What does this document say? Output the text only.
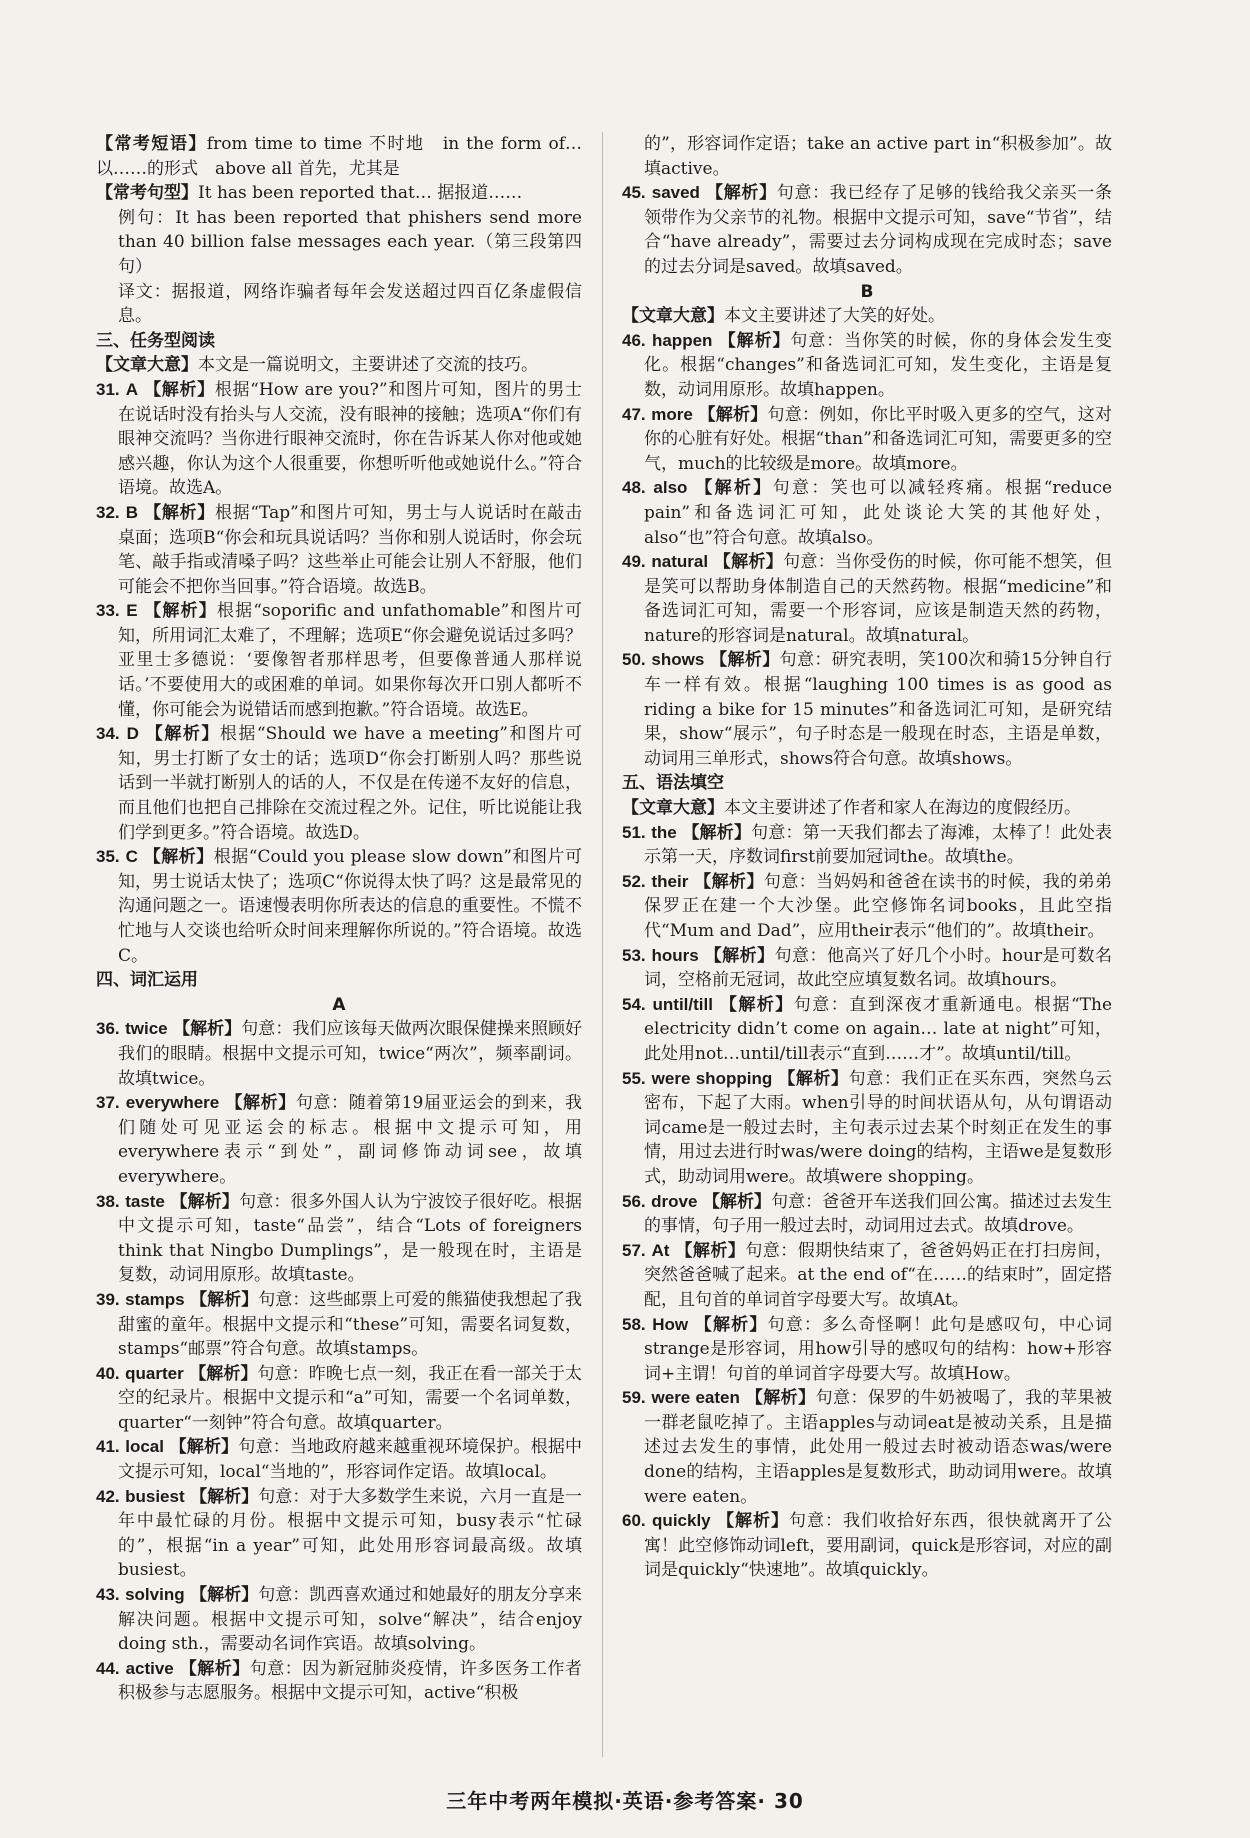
【常考短语】from time to time 不时地　in the form of… 以……的形式　above all 首先，尤其是

【常考句型】It has been reported that… 据报道……

例句：It has been reported that phishers send more than 40 billion false messages each year.（第三段第四句）

译文：据报道，网络诈骗者每年会发送超过四百亿条虚假信息。

三、任务型阅读

【文章大意】本文是一篇说明文，主要讲述了交流的技巧。

31. A 【解析】根据“How are you?”和图片可知，图片的男士在说话时没有抬头与人交流，没有眼神的接触；选项A“你们有眼神交流吗？当你进行眼神交流时，你在告诉某人你对他或她感兴趣，你认为这个人很重要，你想听听他或她说什么。”符合语境。故选A。

32. B 【解析】根据“Tap”和图片可知，男士与人说话时在敲击桌面；选项B“你会和玩具说话吗？当你和别人说话时，你会玩笔、敲手指或清嗓子吗？这些举止可能会让别人不舒服，他们可能会不把你当回事。”符合语境。故选B。

33. E 【解析】根据“soporific and unfathomable”和图片可知，所用词汇太难了，不理解；选项E“你会避免说话过多吗？亚里士多德说：‘要像智者那样思考，但要像普通人那样说话。’不要使用大的或困难的单词。如果你每次开口别人都听不懂，你可能会为说错话而感到抱歉。”符合语境。故选E。

34. D 【解析】根据“Should we have a meeting”和图片可知，男士打断了女士的话；选项D“你会打断别人吗？那些说话到一半就打断别人的话的人，不仅是在传递不友好的信息，而且他们也把自己排除在交流过程之外。记住，听比说能让我们学到更多。”符合语境。故选D。

35. C 【解析】根据“Could you please slow down”和图片可知，男士说话太快了；选项C“你说得太快了吗？这是最常见的沟通问题之一。语速慢表明你所表达的信息的重要性。不慌不忙地与人交谈也给听众时间来理解你所说的。”符合语境。故选C。

四、词汇运用

A

36. twice 【解析】句意：我们应该每天做两次眼保健操来照顾好我们的眼睛。根据中文提示可知，twice“两次”，频率副词。故填twice。

37. everywhere 【解析】句意：随着第19届亚运会的到来，我们随处可见亚运会的标志。根据中文提示可知，用everywhere表示“到处”，副词修饰动词see，故填everywhere。

38. taste 【解析】句意：很多外国人认为宁波饺子很好吃。根据中文提示可知，taste“品尝”，结合“Lots of foreigners think that Ningbo Dumplings”，是一般现在时，主语是复数，动词用原形。故填taste。

39. stamps 【解析】句意：这些邮票上可爱的熊猫使我想起了我甜蜜的童年。根据中文提示和“these”可知，需要名词复数，stamps“邮票”符合句意。故填stamps。

40. quarter 【解析】句意：昨晚七点一刻，我正在看一部关于太空的纪录片。根据中文提示和“a”可知，需要一个名词单数，quarter“一刻钟”符合句意。故填quarter。

41. local 【解析】句意：当地政府越来越重视环境保护。根据中文提示可知，local“当地的”，形容词作定语。故填local。

42. busiest 【解析】句意：对于大多数学生来说，六月一直是一年中最忙碌的月份。根据中文提示可知，busy表示“忙碌的”，根据“in a year”可知，此处用形容词最高级。故填busiest。

43. solving 【解析】句意：凯西喜欢通过和她最好的朋友分享来解决问题。根据中文提示可知，solve“解决”，结合enjoy doing sth.，需要动名词作宾语。故填solving。

44. active 【解析】句意：因为新冠肺炎疫情，许多医务工作者积极参与志愿服务。根据中文提示可知，active“积极

的”，形容词作定语；take an active part in“积极参加”。故填active。

45. saved 【解析】句意：我已经存了足够的钱给我父亲买一条领带作为父亲节的礼物。根据中文提示可知，save“节省”，结合“have already”，需要过去分词构成现在完成时态；save的过去分词是saved。故填saved。

B

【文章大意】本文主要讲述了大笑的好处。

46. happen 【解析】句意：当你笑的时候，你的身体会发生变化。根据“changes”和备选词汇可知，发生变化，主语是复数，动词用原形。故填happen。

47. more 【解析】句意：例如，你比平时吸入更多的空气，这对你的心脏有好处。根据“than”和备选词汇可知，需要更多的空气，much的比较级是more。故填more。

48. also 【解析】句意：笑也可以减轻疼痛。根据“reduce pain”和备选词汇可知，此处谈论大笑的其他好处，also“也”符合句意。故填also。

49. natural 【解析】句意：当你受伤的时候，你可能不想笑，但是笑可以帮助身体制造自己的天然药物。根据“medicine”和备选词汇可知，需要一个形容词，应该是制造天然的药物，nature的形容词是natural。故填natural。

50. shows 【解析】句意：研究表明，笑100次和骑15分钟自行车一样有效。根据“laughing 100 times is as good as riding a bike for 15 minutes”和备选词汇可知，是研究结果，show“展示”，句子时态是一般现在时态，主语是单数，动词用三单形式，shows符合句意。故填shows。

五、语法填空

【文章大意】本文主要讲述了作者和家人在海边的度假经历。

51. the 【解析】句意：第一天我们都去了海滩，太棒了！此处表示第一天，序数词first前要加冠词the。故填the。

52. their 【解析】句意：当妈妈和爸爸在读书的时候，我的弟弟保罗正在建一个大沙堡。此空修饰名词books，且此空指代“Mum and Dad”，应用their表示“他们的”。故填their。

53. hours 【解析】句意：他高兴了好几个小时。hour是可数名词，空格前无冠词，故此空应填复数名词。故填hours。

54. until/till 【解析】句意：直到深夜才重新通电。根据“The electricity didn’t come on again… late at night”可知，此处用not…until/till表示“直到……才”。故填until/till。

55. were shopping 【解析】句意：我们正在买东西，突然乌云密布，下起了大雨。when引导的时间状语从句，从句谓语动词came是一般过去时，主句表示过去某个时刻正在发生的事情，用过去进行时was/were doing的结构，主语we是复数形式，助动词用were。故填were shopping。

56. drove 【解析】句意：爸爸开车送我们回公寓。描述过去发生的事情，句子用一般过去时，动词用过去式。故填drove。

57. At 【解析】句意：假期快结束了，爸爸妈妈正在打扫房间，突然爸爸喊了起来。at the end of“在……的结束时”，固定搭配，且句首的单词首字母要大写。故填At。

58. How 【解析】句意：多么奇怪啊！此句是感叹句，中心词strange是形容词，用how引导的感叹句的结构：how+形容词+主谓！句首的单词首字母要大写。故填How。

59. were eaten 【解析】句意：保罗的牛奶被喝了，我的苹果被一群老鼠吃掉了。主语apples与动词eat是被动关系，且是描述过去发生的事情，此处用一般过去时被动语态was/were done的结构，主语apples是复数形式，助动词用were。故填were eaten。

60. quickly 【解析】句意：我们收拾好东西，很快就离开了公寓！此空修饰动词left，要用副词，quick是形容词，对应的副词是quickly“快速地”。故填quickly。

三年中考两年模拟·英语·参考答案· 30
